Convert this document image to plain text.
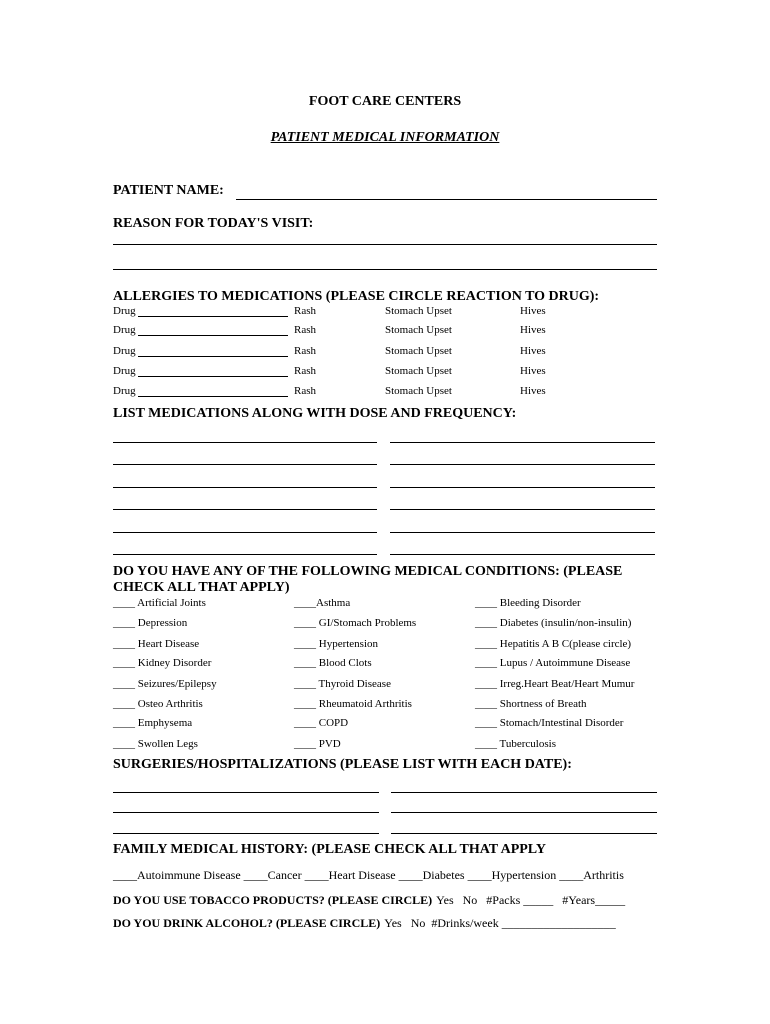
FOOT CARE CENTERS
PATIENT MEDICAL INFORMATION
PATIENT NAME:
REASON FOR TODAY'S VISIT:
ALLERGIES TO MEDICATIONS (PLEASE CIRCLE REACTION TO DRUG):
Drug	Rash	Stomach Upset	Hives
Drug	Rash	Stomach Upset	Hives
Drug	Rash	Stomach Upset	Hives
Drug	Rash	Stomach Upset	Hives
Drug	Rash	Stomach Upset	Hives
LIST MEDICATIONS ALONG WITH DOSE AND FREQUENCY:
DO YOU HAVE ANY OF THE FOLLOWING MEDICAL CONDITIONS: (PLEASE
CHECK ALL THAT APPLY)
____ Artificial Joints	____Asthma	____ Bleeding Disorder
____ Depression	____ GI/Stomach Problems	____ Diabetes (insulin/non-insulin)
____ Heart Disease	____ Hypertension	____ Hepatitis A B C(please circle)
____ Kidney Disorder	____ Blood Clots	____ Lupus / Autoimmune Disease
____ Seizures/Epilepsy	____ Thyroid Disease	____ Irreg.Heart Beat/Heart Mumur
____ Osteo Arthritis	____ Rheumatoid Arthritis	____ Shortness of Breath
____ Emphysema	____ COPD	____ Stomach/Intestinal Disorder
____ Swollen Legs	____ PVD	____ Tuberculosis
SURGERIES/HOSPITALIZATIONS (PLEASE LIST WITH EACH DATE):
FAMILY MEDICAL HISTORY: (PLEASE CHECK ALL THAT APPLY
____Autoimmune Disease ____Cancer ____Heart Disease ____Diabetes ____Hypertension ____Arthritis
DO YOU USE TOBACCO PRODUCTS? (PLEASE CIRCLE) Yes   No   #Packs _____   #Years_____
DO YOU DRINK ALCOHOL? (PLEASE CIRCLE) Yes   No  #Drinks/week ___________________
